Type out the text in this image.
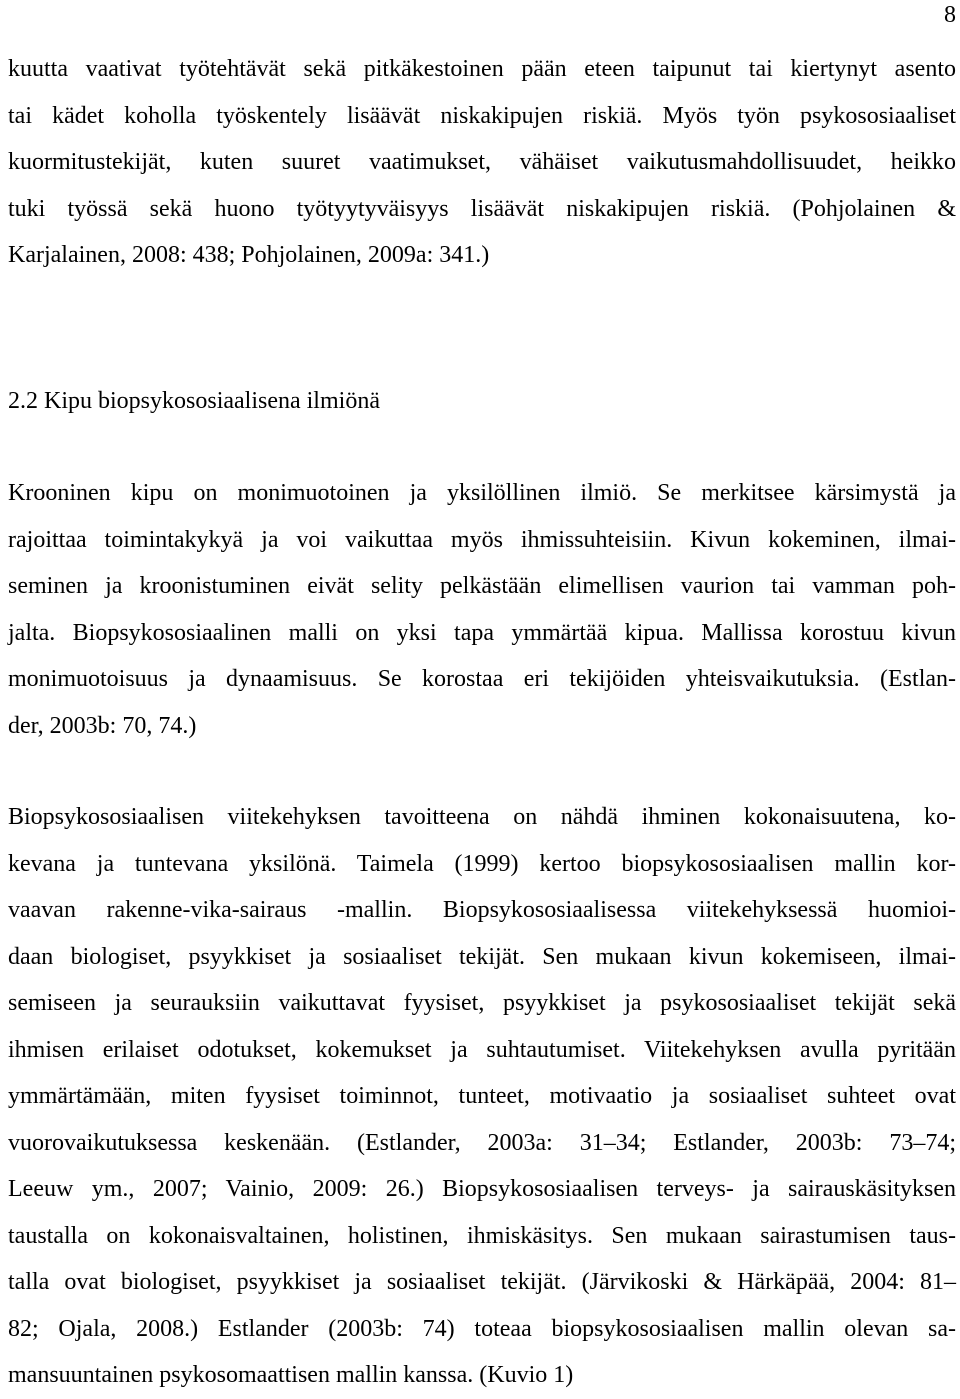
8
kuutta vaativat työtehtävät sekä pitkäkestoinen pään eteen taipunut tai kiertynyt asento
tai kädet koholla työskentely lisäävät niskakipujen riskiä. Myös työn psykososiaaliset
kuormitustekijät, kuten suuret vaatimukset, vähäiset vaikutusmahdollisuudet, heikko
tuki työssä sekä huono työtyytyväisyys lisäävät niskakipujen riskiä. (Pohjolainen &
Karjalainen, 2008: 438; Pohjolainen, 2009a: 341.)
2.2 Kipu biopsykososiaalisena ilmiönä
Krooninen kipu on monimuotoinen ja yksilöllinen ilmiö. Se merkitsee kärsimystä ja
rajoittaa toimintakykyä ja voi vaikuttaa myös ihmissuhteisiin. Kivun kokeminen, ilmai-
seminen ja kroonistuminen eivät selity pelkästään elimellisen vaurion tai vamman poh-
jalta. Biopsykososiaalinen malli on yksi tapa ymmärtää kipua. Mallissa korostuu kivun
monimuotoisuus ja dynaamisuus. Se korostaa eri tekijöiden yhteisvaikutuksia. (Estlan-
der, 2003b: 70, 74.)
Biopsykososiaalisen viitekehyksen tavoitteena on nähdä ihminen kokonaisuutena, ko-
kevana ja tuntevana yksilönä. Taimela (1999) kertoo biopsykososiaalisen mallin kor-
vaavan rakenne-vika-sairaus -mallin. Biopsykososiaalisessa viitekehyksessä huomioi-
daan biologiset, psyykkiset ja sosiaaliset tekijät. Sen mukaan kivun kokemiseen, ilmai-
semiseen ja seurauksiin vaikuttavat fyysiset, psyykkiset ja psykososiaaliset tekijät sekä
ihmisen erilaiset odotukset, kokemukset ja suhtautumiset. Viitekehyksen avulla pyritään
ymmärtämään, miten fyysiset toiminnot, tunteet, motivaatio ja sosiaaliset suhteet ovat
vuorovaikutuksessa keskenään. (Estlander, 2003a: 31–34; Estlander, 2003b: 73–74;
Leeuw ym., 2007; Vainio, 2009: 26.) Biopsykososiaalisen terveys- ja sairauskäsityksen
taustalla on kokonaisvaltainen, holistinen, ihmiskäsitys. Sen mukaan sairastumisen taus-
talla ovat biologiset, psyykkiset ja sosiaaliset tekijät. (Järvikoski & Härkäpää, 2004: 81–
82; Ojala, 2008.) Estlander (2003b: 74) toteaa biopsykososiaalisen mallin olevan sa-
mansuuntainen psykosomaattisen mallin kanssa. (Kuvio 1)
